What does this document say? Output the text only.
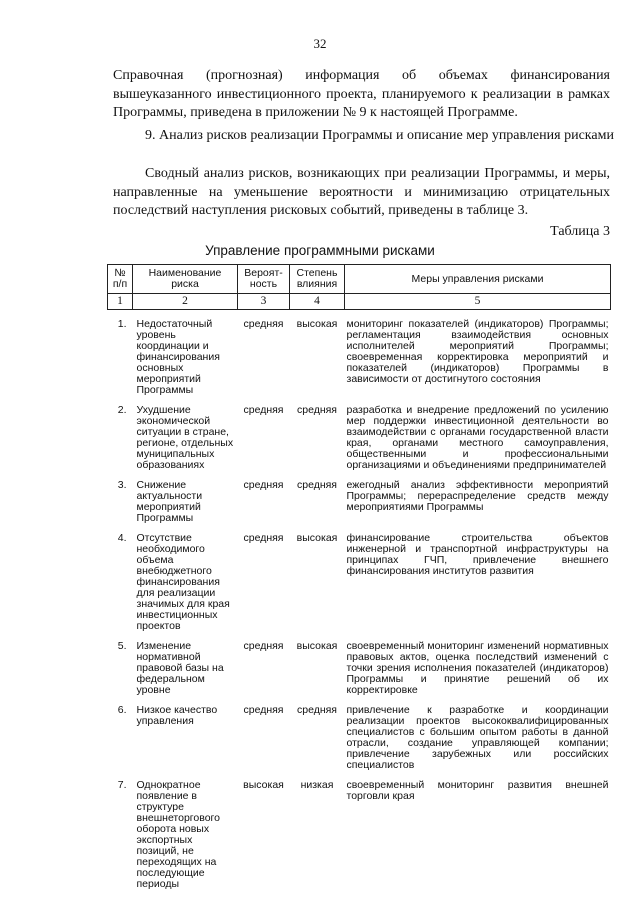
32

Справочная (прогнозная) информация об объемах финансирования вышеуказанного инвестиционного проекта, планируемого к реализации в рамках Программы, приведена в приложении № 9 к настоящей Программе.

9. Анализ рисков реализации Программы и описание мер управления рисками

Сводный анализ рисков, возникающих при реализации Программы, и меры, направленные на уменьшение вероятности и минимизацию отрицательных последствий наступления рисковых событий, приведены в таблице 3.

Таблица 3
Управление программными рисками
№ п/п	Наименование риска	Вероят-ность	Степень влияния	Меры управления рисками
1	2	3	4	5
1.	Недостаточный уровень координации и финансирования основных мероприятий Программы	средняя	высокая	мониторинг показателей (индикаторов) Программы; регламентация взаимодействия основных исполнителей мероприятий Программы; своевременная корректировка мероприятий и показателей (индикаторов) Программы в зависимости от достигнутого состояния
2.	Ухудшение экономической ситуации в стране, регионе, отдельных муниципальных образованиях	средняя	средняя	разработка и внедрение предложений по усилению мер поддержки инвестиционной деятельности во взаимодействии с органами государственной власти края, органами местного самоуправления, общественными и профессиональными организациями и объединениями предпринимателей
3.	Снижение актуальности мероприятий Программы	средняя	средняя	ежегодный анализ эффективности мероприятий Программы; перераспределение средств между мероприятиями Программы
4.	Отсутствие необходимого объема внебюджетного финансирования для реализации значимых для края инвестиционных проектов	средняя	высокая	финансирование строительства объектов инженерной и транспортной инфраструктуры на принципах ГЧП, привлечение внешнего финансирования институтов развития
5.	Изменение нормативной правовой базы на федеральном уровне	средняя	высокая	своевременный мониторинг изменений нормативных правовых актов, оценка последствий изменений с точки зрения исполнения показателей (индикаторов) Программы и принятие решений об их корректировке
6.	Низкое качество управления	средняя	средняя	привлечение к разработке и координации реализации проектов высококвалифицированных специалистов с большим опытом работы в данной отрасли, создание управляющей компании; привлечение зарубежных или российских специалистов
7.	Однократное появление в структуре внешнеторгового оборота новых экспортных позиций, не переходящих на последующие периоды	высокая	низкая	своевременный мониторинг развития внешней торговли края
